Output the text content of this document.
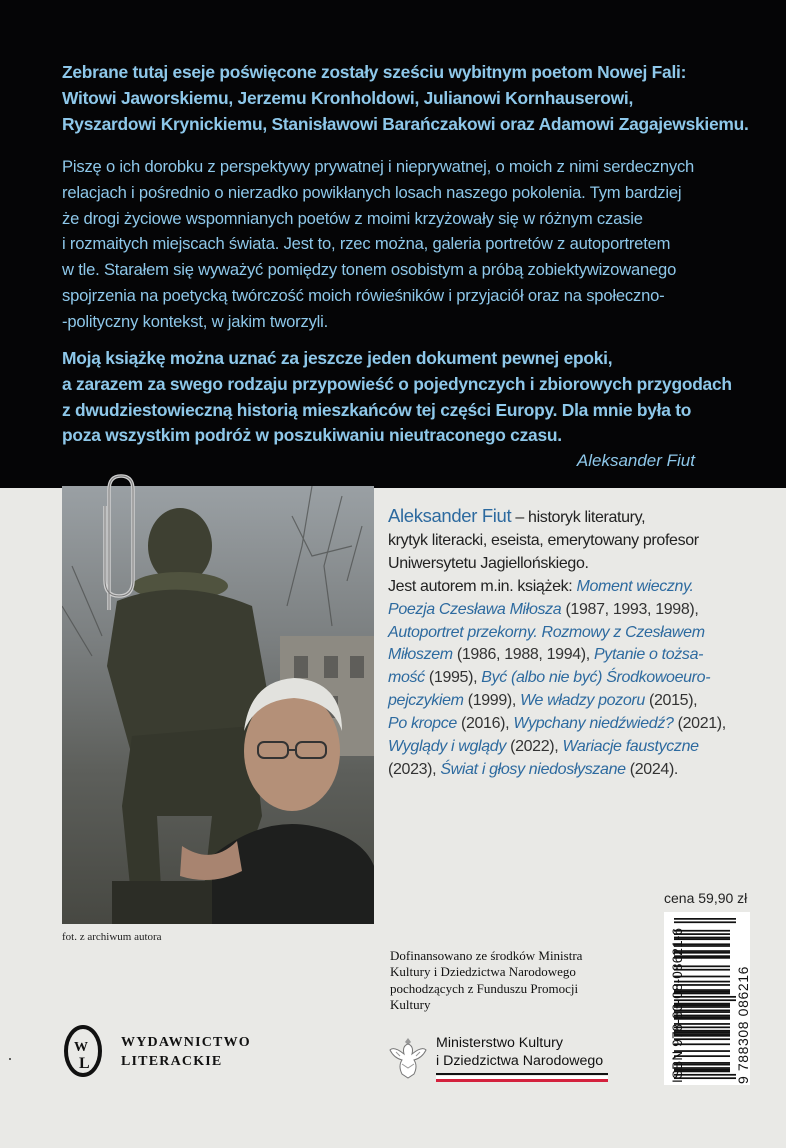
Zebrane tutaj eseje poświęcone zostały sześciu wybitnym poetom Nowej Fali:
Witowi Jaworskiemu, Jerzemu Kronholdowi, Julianowi Kornhauserowi,
Ryszardowi Krynickiemu, Stanisławowi Barańczakowi oraz Adamowi Zagajewskiemu.

Piszę o ich dorobku z perspektywy prywatnej i nieprywatnej, o moich z nimi serdecznych
relacjach i pośrednio o nierzadko powikłanych losach naszego pokolenia. Tym bardziej
że drogi życiowe wspomnianych poetów z moimi krzyżowały się w różnym czasie
i rozmaitych miejscach świata. Jest to, rzec można, galeria portretów z autoportretem
w tle. Starałem się wyważyć pomiędzy tonem osobistym a próbą zobiektywizowanego
spojrzenia na poetycką twórczość moich rówieśników i przyjaciół oraz na społeczno-
-polityczny kontekst, w jakim tworzyli.

Moją książkę można uznać za jeszcze jeden dokument pewnej epoki,
a zarazem za swego rodzaju przypowieść o pojedynczych i zbiorowych przygodach
z dwudziestowieczną historią mieszkańców tej części Europy. Dla mnie była to
poza wszystkim podróż w poszukiwaniu nieutraconego czasu.

Aleksander Fiut

fot. z archiwum autora

Aleksander Fiut – historyk literatury,
krytyk literacki, eseista, emerytowany profesor
Uniwersytetu Jagiellońskiego.
Jest autorem m.in. książek: Moment wieczny.
Poezja Czesława Miłosza (1987, 1993, 1998),
Autoportret przekorny. Rozmowy z Czesławem
Miłoszem (1986, 1988, 1994), Pytanie o tożsa-
mość (1995), Być (albo nie być) Środkowoeuro-
pejczykiem (1999), We władzy pozoru (2015),
Po kropce (2016), Wypchany niedźwiedź? (2021),
Wyglądy i wglądy (2022), Wariacje faustyczne
(2023), Świat i głosy niedosłyszane (2024).

cena 59,90 zł

ISBN 978-83-08-08621-6	9 788308 086216
W
L

WYDAWNICTWO
LITERACKIE

Dofinansowano ze środków Ministra
Kultury i Dziedzictwa Narodowego
pochodzących z Funduszu Promocji
Kultury

Ministerstwo Kultury
i Dziedzictwa Narodowego
